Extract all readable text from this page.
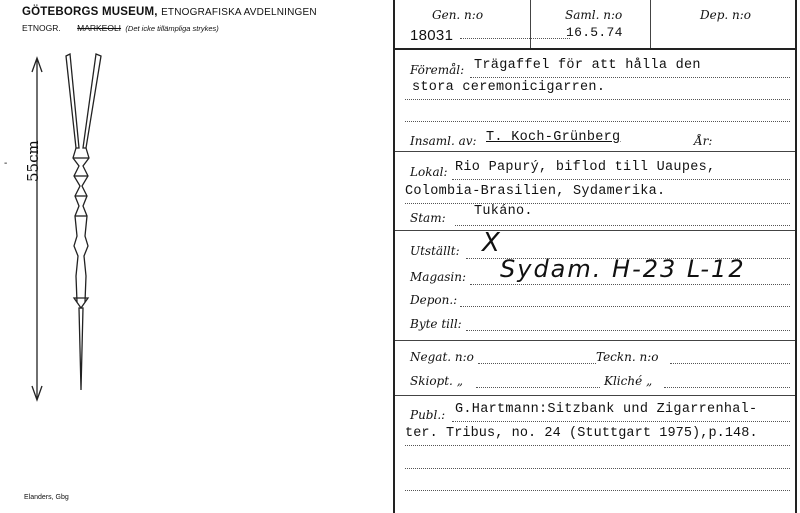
GÖTEBORGS MUSEUM, ETNOGRAFISKA AVDELNINGEN
ETNOGR. MARKEOLI (Det icke tillämpliga strykes)
55cm
-
Elanders, Gbg
Gen. n:o	Saml. n:o	Dep. n:o
18031	16.5.74
Föremål: Trägaffel för att hålla den
stora ceremonicigarren.
Insaml. av: T. Koch-Grünberg	År:
Lokal: Rio Papurý, biflod till Uaupes,
Colombia-Brasilien, Sydamerika.
Stam: Tukáno.
Utställt: X
Magasin: Sydam. H-23 L-12
Depon.:
Byte till:
Negat. n:o	Teckn. n:o
Skiopt. „	Kliché „
Publ.: G.Hartmann:Sitzbank und Zigarrenhal-
ter. Tribus, no. 24 (Stuttgart 1975),p.148.
